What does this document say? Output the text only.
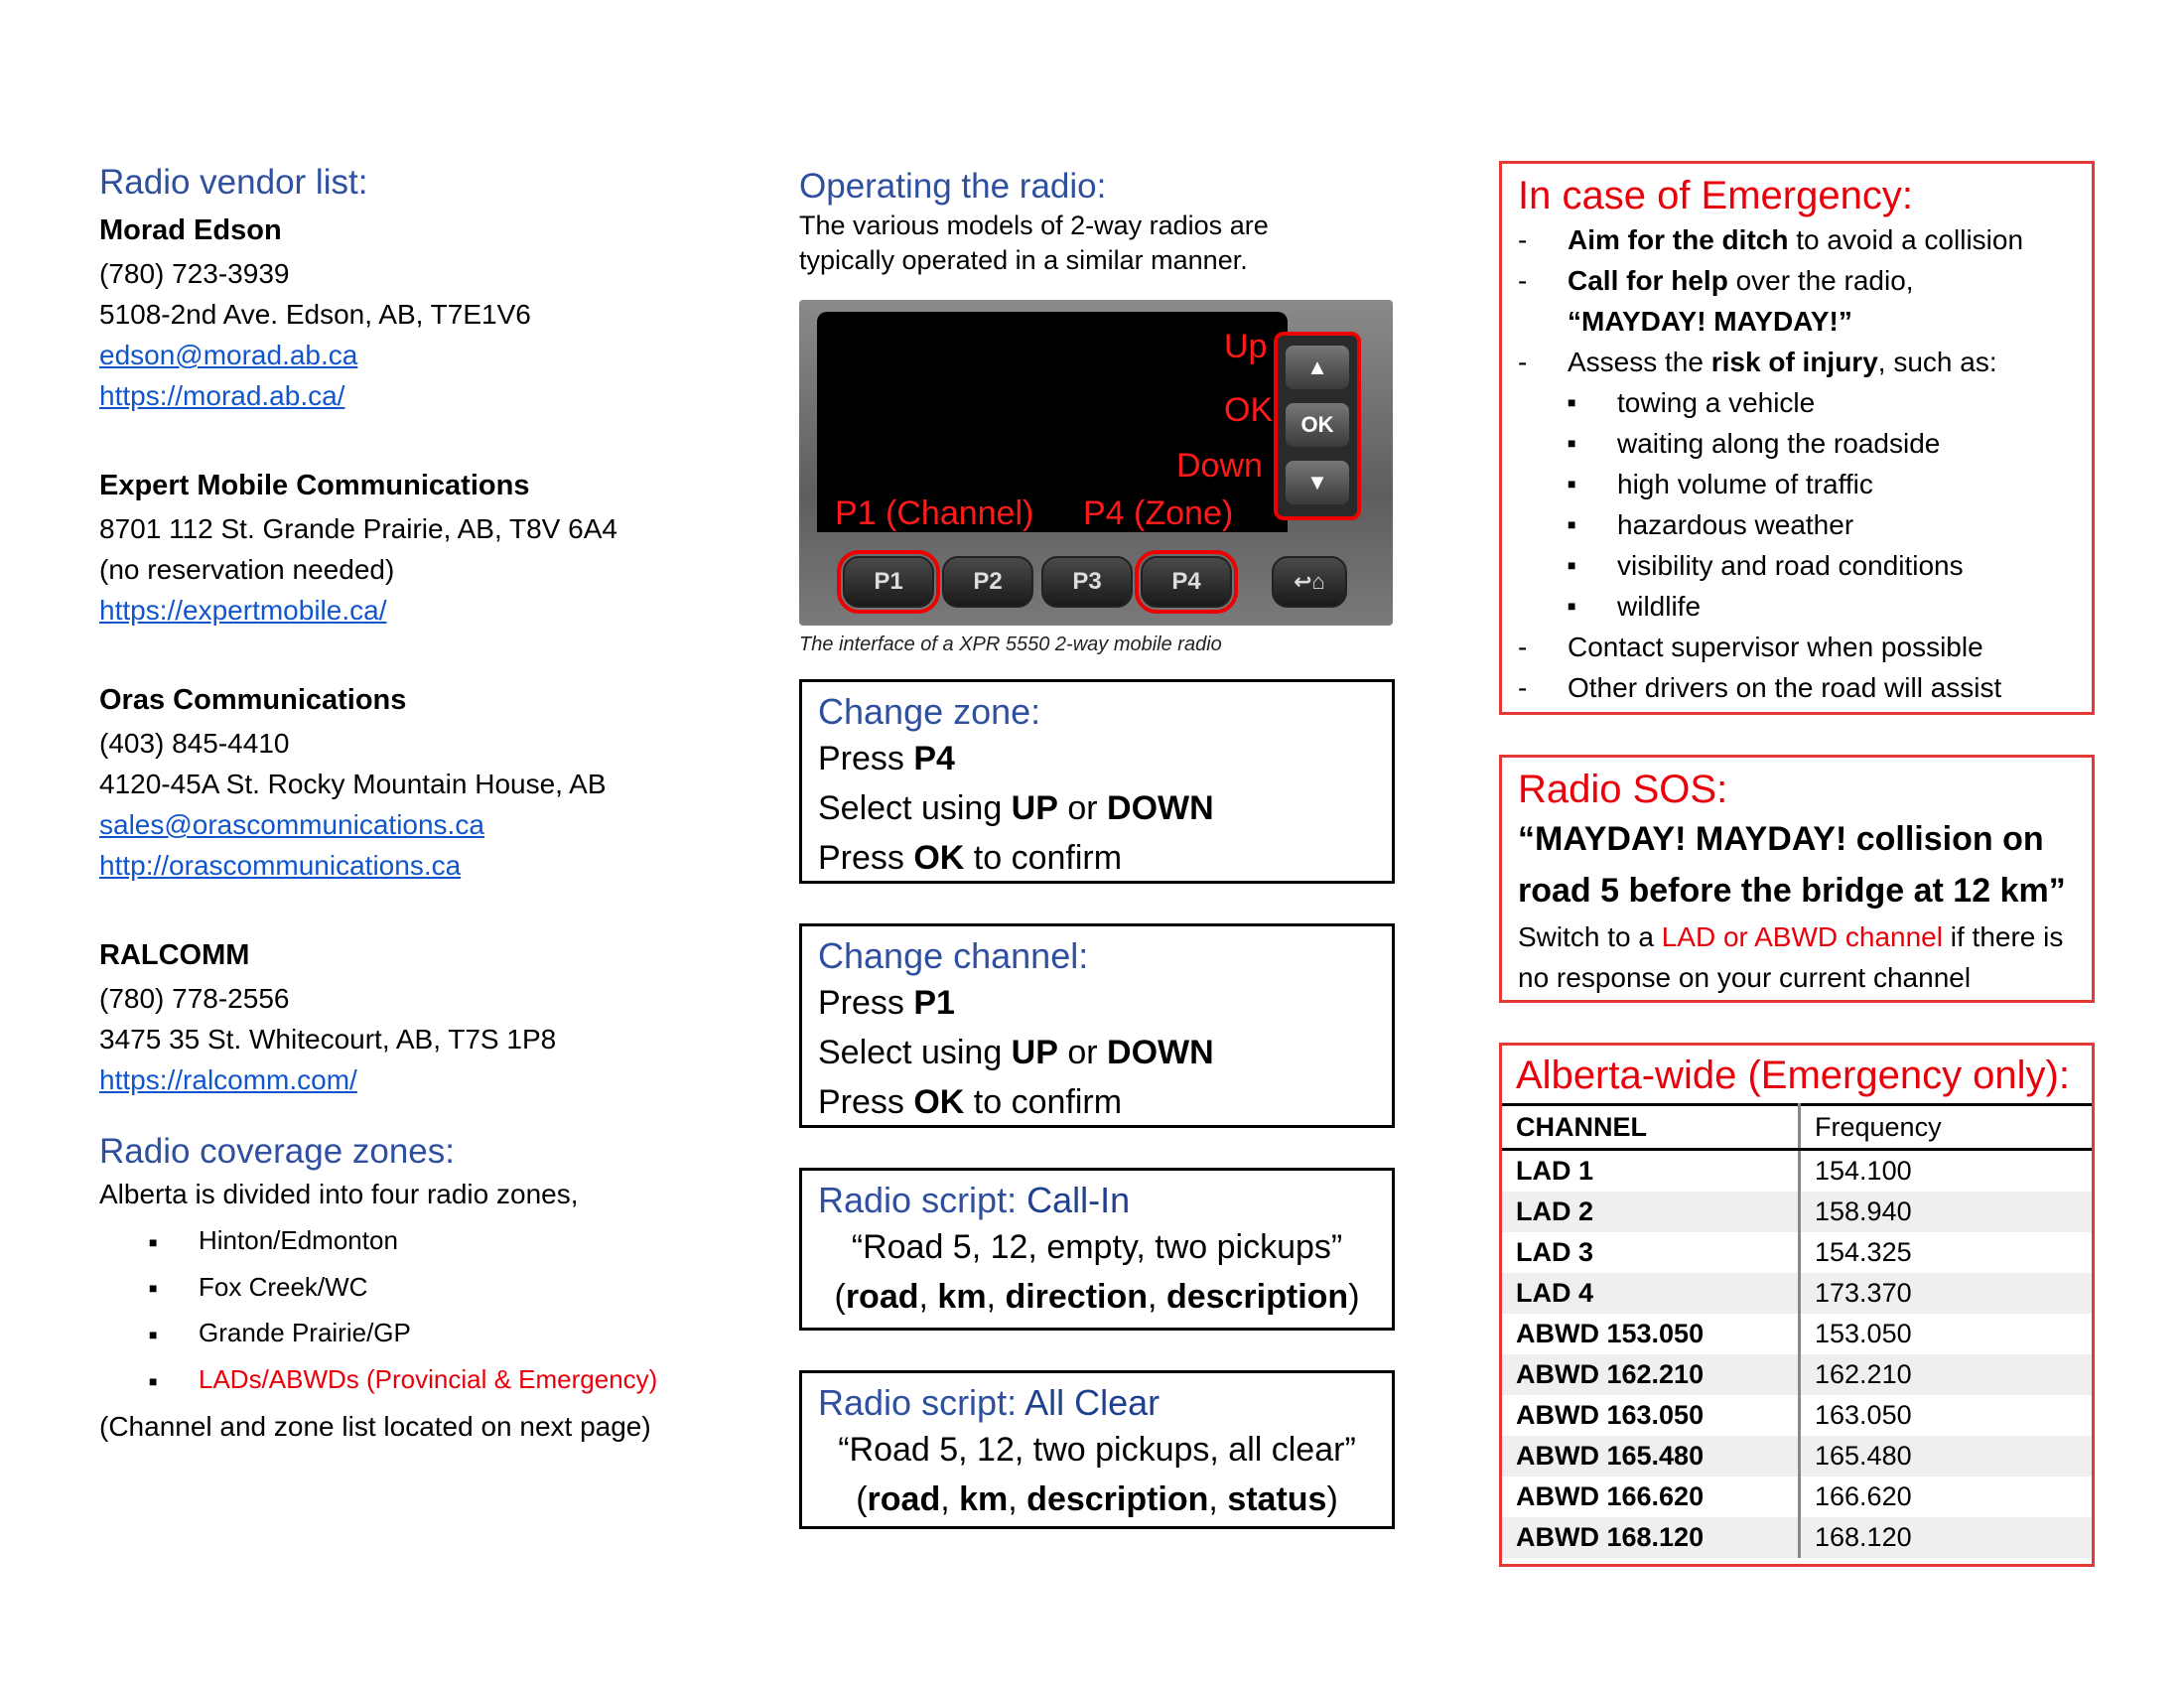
Radio vendor list:
Morad Edson
(780) 723-3939
5108-2nd Ave. Edson, AB, T7E1V6
edson@morad.ab.ca
https://morad.ab.ca/
Expert Mobile Communications
8701 112 St. Grande Prairie, AB, T8V 6A4
(no reservation needed)
https://expertmobile.ca/
Oras Communications
(403) 845-4410
4120-45A St. Rocky Mountain House, AB
sales@orascommunications.ca
http://orascommunications.ca
RALCOMM
(780) 778-2556
3475 35 St. Whitecourt, AB, T7S 1P8
https://ralcomm.com/
Radio coverage zones:
Alberta is divided into four radio zones,
■ Hinton/Edmonton
■ Fox Creek/WC
■ Grande Prairie/GP
■ LADs/ABWDs (Provincial & Emergency)
(Channel and zone list located on next page)
Operating the radio:
The various models of 2-way radios are typically operated in a similar manner.
Up
OK
Down
P1 (Channel) P4 (Zone)
▲
OK
▼
P1	P2	P3	P4	↩⌂
The interface of a XPR 5550 2-way mobile radio
Change zone:
Press P4
Select using UP or DOWN
Press OK to confirm
Change channel:
Press P1
Select using UP or DOWN
Press OK to confirm
Radio script: Call-In
“Road 5, 12, empty, two pickups”
(road, km, direction, description)
Radio script: All Clear
“Road 5, 12, two pickups, all clear”
(road, km, description, status)
In case of Emergency:
- Aim for the ditch to avoid a collision
- Call for help over the radio,
“MAYDAY! MAYDAY!”
- Assess the risk of injury, such as:
■ towing a vehicle
■ waiting along the roadside
■ high volume of traffic
■ hazardous weather
■ visibility and road conditions
■ wildlife
- Contact supervisor when possible
- Other drivers on the road will assist
Radio SOS:
“MAYDAY! MAYDAY! collision on road 5 before the bridge at 12 km”
Switch to a LAD or ABWD channel if there is no response on your current channel
Alberta-wide (Emergency only):
CHANNEL	Frequency
LAD 1	154.100
LAD 2	158.940
LAD 3	154.325
LAD 4	173.370
ABWD 153.050	153.050
ABWD 162.210	162.210
ABWD 163.050	163.050
ABWD 165.480	165.480
ABWD 166.620	166.620
ABWD 168.120	168.120
